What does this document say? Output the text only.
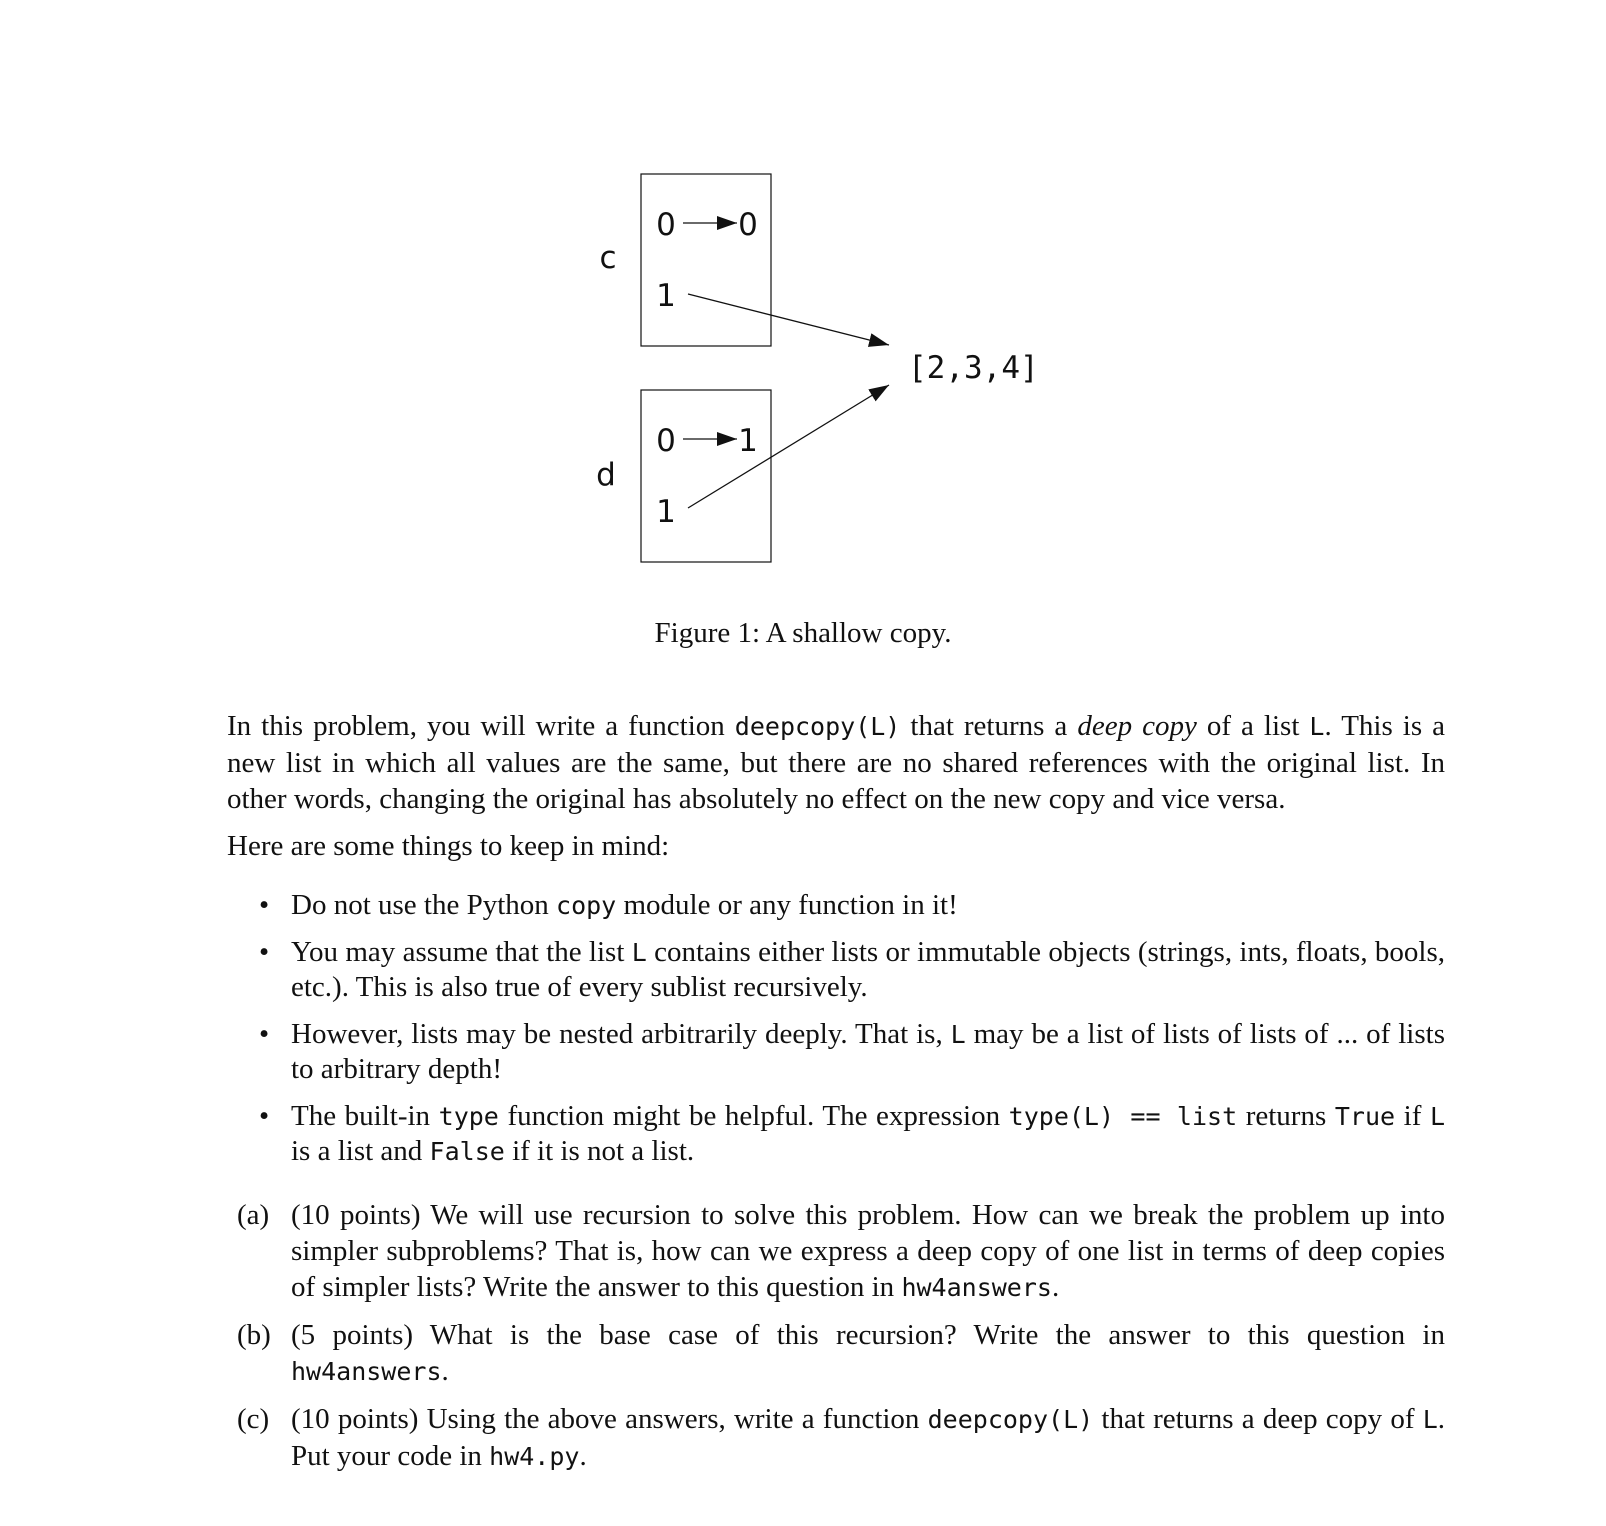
c
0 0
1
d
0 1
1
[2,3,4]
Figure 1: A shallow copy.

In this problem, you will write a function deepcopy(L) that returns a deep copy of a list L. This is a new list in which all values are the same, but there are no shared references with the original list. In other words, changing the original has absolutely no effect on the new copy and vice versa.

Here are some things to keep in mind:

• Do not use the Python copy module or any function in it!
• You may assume that the list L contains either lists or immutable objects (strings, ints, floats, bools, etc.). This is also true of every sublist recursively.
• However, lists may be nested arbitrarily deeply. That is, L may be a list of lists of lists of ... of lists to arbitrary depth!
• The built-in type function might be helpful. The expression type(L) == list returns True if L is a list and False if it is not a list.
(a) (10 points) We will use recursion to solve this problem. How can we break the problem up into simpler subproblems? That is, how can we express a deep copy of one list in terms of deep copies of simpler lists? Write the answer to this question in hw4answers.
(b) (5 points) What is the base case of this recursion? Write the answer to this question in hw4answers.
(c) (10 points) Using the above answers, write a function deepcopy(L) that returns a deep copy of L. Put your code in hw4.py.
